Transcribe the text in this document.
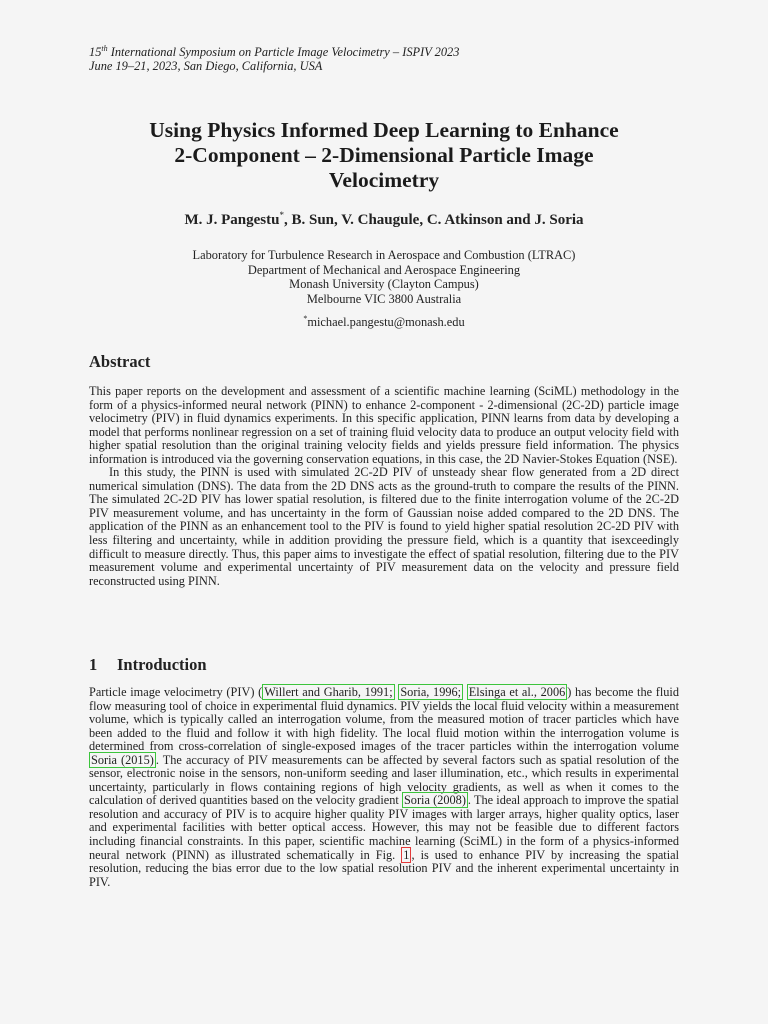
15th International Symposium on Particle Image Velocimetry – ISPIV 2023
June 19–21, 2023, San Diego, California, USA
Using Physics Informed Deep Learning to Enhance
2-Component – 2-Dimensional Particle Image
Velocimetry
M. J. Pangestu*, B. Sun, V. Chaugule, C. Atkinson and J. Soria
Laboratory for Turbulence Research in Aerospace and Combustion (LTRAC)
Department of Mechanical and Aerospace Engineering
Monash University (Clayton Campus)
Melbourne VIC 3800 Australia
*michael.pangestu@monash.edu
Abstract

This paper reports on the development and assessment of a scientific machine learning (SciML) methodology in the form of a physics-informed neural network (PINN) to enhance 2-component - 2-dimensional (2C-2D) particle image velocimetry (PIV) in fluid dynamics experiments. In this specific application, PINN learns from data by developing a model that performs nonlinear regression on a set of training fluid velocity data to produce an output velocity field with higher spatial resolution than the original training velocity fields and yields pressure field information. The physics information is introduced via the governing conservation equations, in this case, the 2D Navier-Stokes Equation (NSE).

In this study, the PINN is used with simulated 2C-2D PIV of unsteady shear flow generated from a 2D direct numerical simulation (DNS). The data from the 2D DNS acts as the ground-truth to compare the results of the PINN. The simulated 2C-2D PIV has lower spatial resolution, is filtered due to the finite interrogation volume of the 2C-2D PIV measurement volume, and has uncertainty in the form of Gaussian noise added compared to the 2D DNS. The application of the PINN as an enhancement tool to the PIV is found to yield higher spatial resolution 2C-2D PIV with less filtering and uncertainty, while in addition providing the pressure field, which is a quantity that isexceedingly difficult to measure directly. Thus, this paper aims to investigate the effect of spatial resolution, filtering due to the PIV measurement volume and experimental uncertainty of PIV measurement data on the velocity and pressure field reconstructed using PINN.

1 Introduction

Particle image velocimetry (PIV) ( Willert and Gharib, 1991; Soria, 1996; Elsinga et al., 2006 ) has become the fluid flow measuring tool of choice in experimental fluid dynamics. PIV yields the local fluid velocity within a measurement volume, which is typically called an interrogation volume, from the measured motion of tracer particles which have been added to the fluid and follow it with high fidelity. The local fluid motion within the interrogation volume is determined from cross-correlation of single-exposed images of the tracer particles within the interrogation volume Soria (2015) . The accuracy of PIV measurements can be affected by several factors such as spatial resolution of the sensor, electronic noise in the sensors, non-uniform seeding and laser illumination, etc., which results in experimental uncertainty, particularly in flows containing regions of high velocity gradients, as well as when it comes to the calculation of derived quantities based on the velocity gradient Soria (2008) . The ideal approach to improve the spatial resolution and accuracy of PIV is to acquire higher quality PIV images with larger arrays, higher quality optics, laser and experimental facilities with better optical access. However, this may not be feasible due to different factors including financial constraints. In this paper, scientific machine learning (SciML) in the form of a physics-informed neural network (PINN) as illustrated schematically in Fig. 1 , is used to enhance PIV by increasing the spatial resolution, reducing the bias error due to the low spatial resolution PIV and the inherent experimental uncertainty in PIV.
